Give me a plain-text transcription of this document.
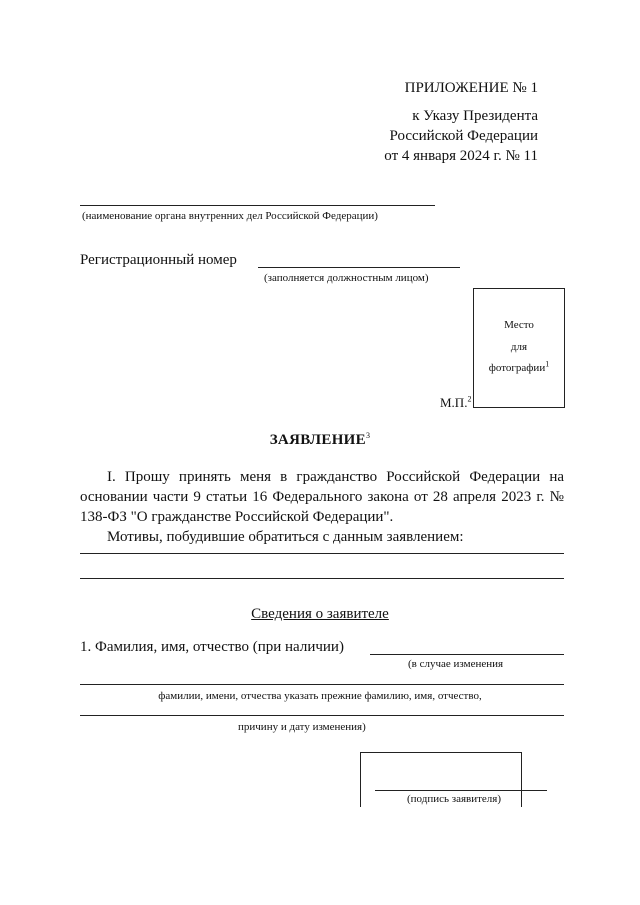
ПРИЛОЖЕНИЕ № 1
к Указу Президента
Российской Федерации
от 4 января 2024 г. № 11
(наименование органа внутренних дел Российской Федерации)
Регистрационный номер
(заполняется должностным лицом)
Место
для
фотографии$^1$
М.П.$^2$
ЗАЯВЛЕНИЕ$^3$
I. Прошу принять меня в гражданство Российской Федерации на основании части 9 статьи 16 Федерального закона от 28 апреля 2023 г. № 138-ФЗ "О гражданстве Российской Федерации".
Мотивы, побудившие обратиться с данным заявлением:
Сведения о заявителе
1. Фамилия, имя, отчество (при наличии)
(в случае изменения
фамилии, имени, отчества указать прежние фамилию, имя, отчество,
причину и дату изменения)
(подпись заявителя)
